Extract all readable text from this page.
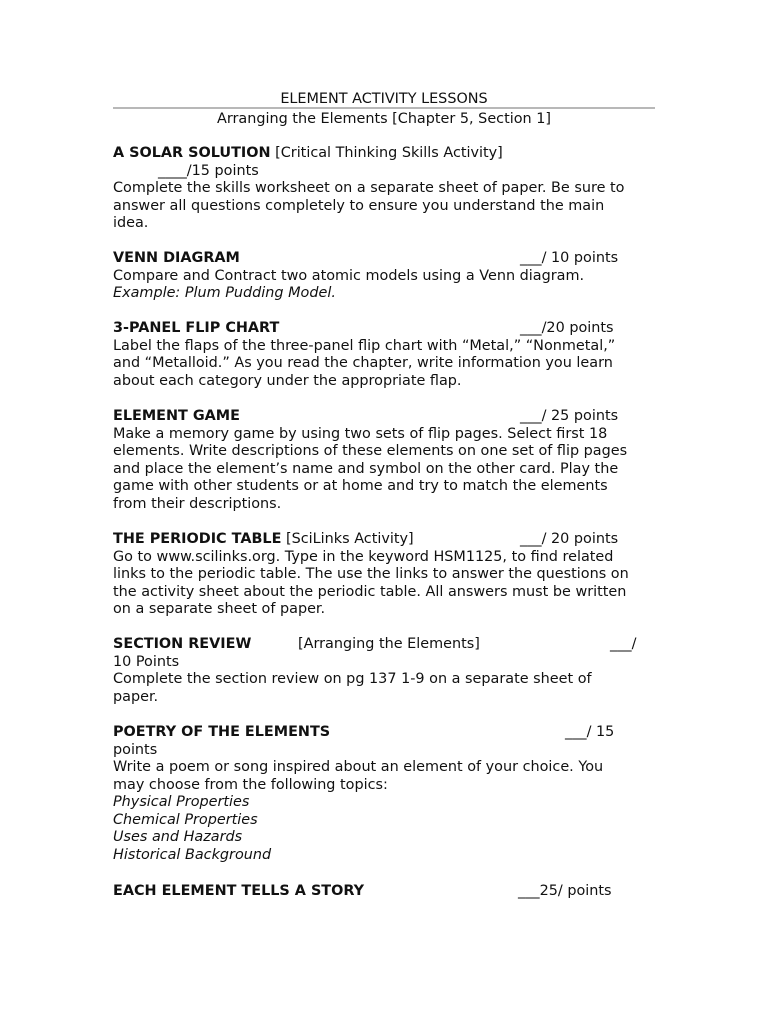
ELEMENT ACTIVITY LESSONS
Arranging the Elements [Chapter 5, Section 1]
A SOLAR SOLUTION [Critical Thinking Skills Activity]
____/15 points
Complete the skills worksheet on a separate sheet of paper. Be sure to
answer all questions completely to ensure you understand the main
idea.
VENN DIAGRAM	___/ 10 points
Compare and Contract two atomic models using a Venn diagram.
Example: Plum Pudding Model.
3-PANEL FLIP CHART	___/20 points
Label the flaps of the three-panel flip chart with “Metal,” “Nonmetal,”
and “Metalloid.” As you read the chapter, write information you learn
about each category under the appropriate flap.
ELEMENT GAME	___/ 25 points
Make a memory game by using two sets of flip pages. Select first 18
elements. Write descriptions of these elements on one set of flip pages
and place the element’s name and symbol on the other card. Play the
game with other students or at home and try to match the elements
from their descriptions.
THE PERIODIC TABLE [SciLinks Activity]	___/ 20 points
Go to www.scilinks.org. Type in the keyword HSM1125, to find related
links to the periodic table. The use the links to answer the questions on
the activity sheet about the periodic table. All answers must be written
on a separate sheet of paper.
SECTION REVIEW	[Arranging the Elements]	___/
10 Points
Complete the section review on pg 137 1-9 on a separate sheet of
paper.
POETRY OF THE ELEMENTS	___/ 15
points
Write a poem or song inspired about an element of your choice. You
may choose from the following topics:
Physical Properties
Chemical Properties
Uses and Hazards
Historical Background
EACH ELEMENT TELLS A STORY	___25/ points
